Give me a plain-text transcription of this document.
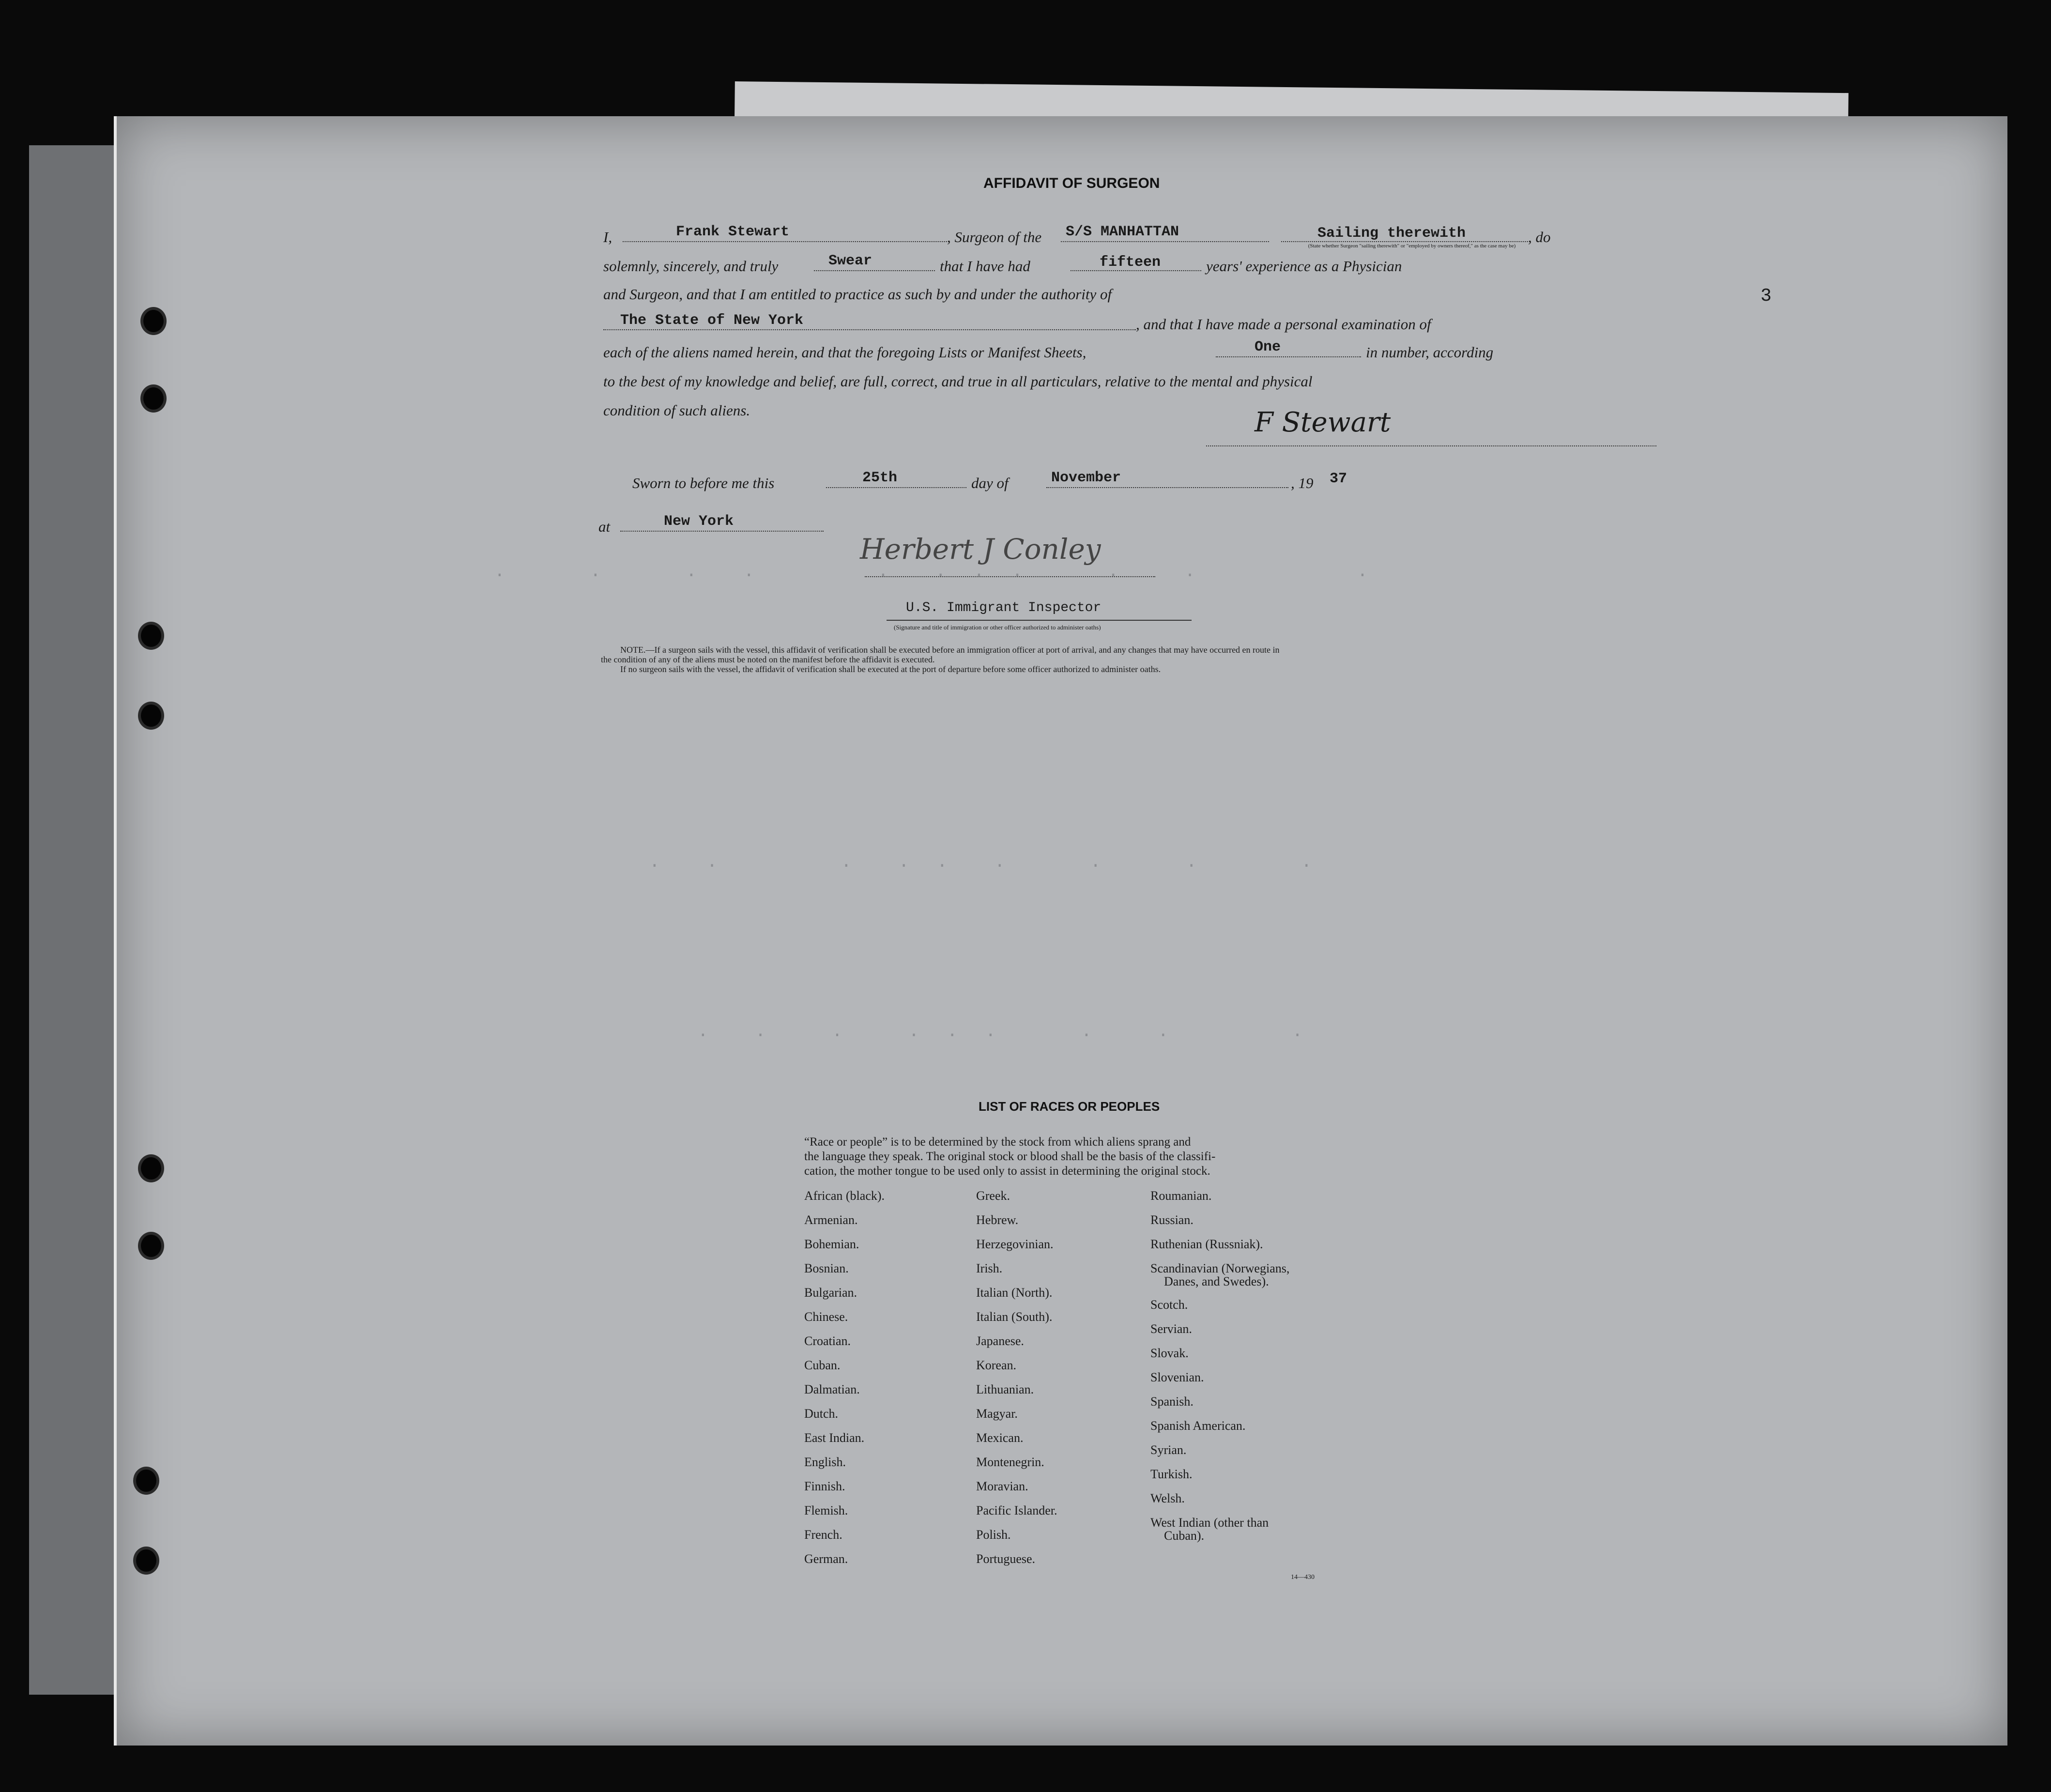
.    .    .  .      .  . . .    .   .        .
.  .      .  . .  .    .    .     .
.  .   .   . . .    .   .      .
3
AFFIDAVIT OF SURGEON
I,	Frank Stewart	, Surgeon of the S/S MANHATTAN	Sailing therewith	, do
(State whether Surgeon "sailing therewith" or "employed by owners thereof," as the case may be)
solemnly, sincerely, and truly	Swear	that I have had	fifteen	years' experience as a Physician
and Surgeon, and that I am entitled to practice as such by and under the authority of
The State of New York	, and that I have made a personal examination of
each of the aliens named herein, and that the foregoing Lists or Manifest Sheets,	One	in number, according
to the best of my knowledge and belief, are full, correct, and true in all particulars, relative to the mental and physical
condition of such aliens.	F Stewart
Sworn to before me this	25th	day of	November	, 19 37
at	New York
Herbert J Conley
U.S. Immigrant Inspector
(Signature and title of immigration or other officer authorized to administer oaths)
NOTE.—If a surgeon sails with the vessel, this affidavit of verification shall be executed before an immigration officer at port of arrival, and any changes that may have occurred en route in
the condition of any of the aliens must be noted on the manifest before the affidavit is executed.
If no surgeon sails with the vessel, the affidavit of verification shall be executed at the port of departure before some officer authorized to administer oaths.
LIST OF RACES OR PEOPLES
“Race or people” is to be determined by the stock from which aliens sprang and
the language they speak. The original stock or blood shall be the basis of the classifi-
cation, the mother tongue to be used only to assist in determining the original stock.
African (black).
Armenian.
Bohemian.
Bosnian.
Bulgarian.
Chinese.
Croatian.
Cuban.
Dalmatian.
Dutch.
East Indian.
English.
Finnish.
Flemish.
French.
German.
Greek.
Hebrew.
Herzegovinian.
Irish.
Italian (North).
Italian (South).
Japanese.
Korean.
Lithuanian.
Magyar.
Mexican.
Montenegrin.
Moravian.
Pacific Islander.
Polish.
Portuguese.
Roumanian.
Russian.
Ruthenian (Russniak).
Scandinavian (Norwegians,
Danes, and Swedes).
Scotch.
Servian.
Slovak.
Slovenian.
Spanish.
Spanish American.
Syrian.
Turkish.
Welsh.
West Indian (other than
Cuban).
14—430
